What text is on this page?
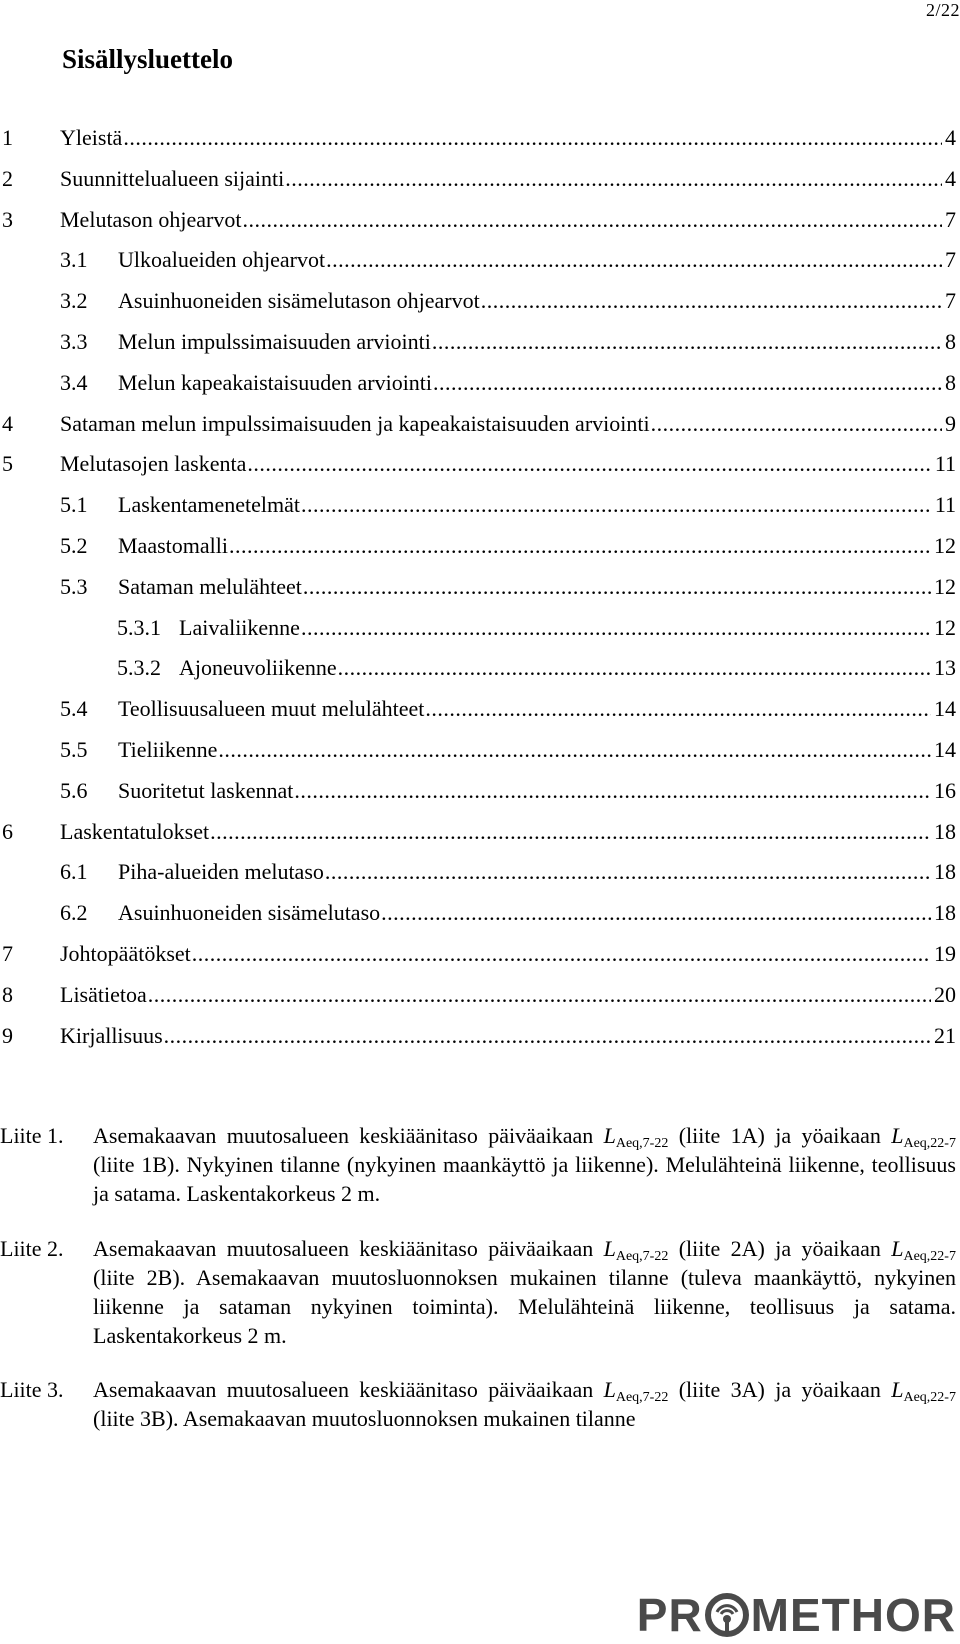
2/22
Sisällysluettelo
1 Yleistä .....	4
2 Suunnittelualueen sijainti .....	4
3 Melutason ohjearvot .....	7
3.1 Ulkoalueiden ohjearvot .....	7
3.2 Asuinhuoneiden sisämelutason ohjearvot .....	7
3.3 Melun impulssimaisuuden arviointi .....	8
3.4 Melun kapeakaistaisuuden arviointi .....	8
4 Sataman melun impulssimaisuuden ja kapeakaistaisuuden arviointi .....	9
5 Melutasojen laskenta .....	11
5.1 Laskentamenetelmät .....	11
5.2 Maastomalli .....	12
5.3 Sataman melulähteet .....	12
5.3.1 Laivaliikenne .....	12
5.3.2 Ajoneuvoliikenne .....	13
5.4 Teollisuusalueen muut melulähteet .....	14
5.5 Tieliikenne .....	14
5.6 Suoritetut laskennat .....	16
6 Laskentatulokset .....	18
6.1 Piha-alueiden melutaso .....	18
6.2 Asuinhuoneiden sisämelutaso .....	18
7 Johtopäätökset .....	19
8 Lisätietoa .....	20
9 Kirjallisuus .....	21
Liite 1. Asemakaavan muutosalueen keskiäänitaso päiväaikaan $L_{Aeq,7-22}$ (liite 1A) ja yöaikaan $L_{Aeq,22-7}$ (liite 1B). Nykyinen tilanne (nykyinen maankäyttö ja liikenne). Melulähteinä liikenne, teollisuus ja satama. Laskentakorkeus 2 m.
Liite 2. Asemakaavan muutosalueen keskiäänitaso päiväaikaan $L_{Aeq,7-22}$ (liite 2A) ja yöaikaan $L_{Aeq,22-7}$ (liite 2B). Asemakaavan muutosluonnoksen mukainen tilanne (tuleva maankäyttö, nykyinen liikenne ja sataman nykyinen toiminta). Melulähteinä liikenne, teollisuus ja satama. Laskentakorkeus 2 m.
Liite 3. Asemakaavan muutosalueen keskiäänitaso päiväaikaan $L_{Aeq,7-22}$ (liite 3A) ja yöaikaan $L_{Aeq,22-7}$ (liite 3B). Asemakaavan muutosluonnoksen mukainen tilanne
PR METHOR
